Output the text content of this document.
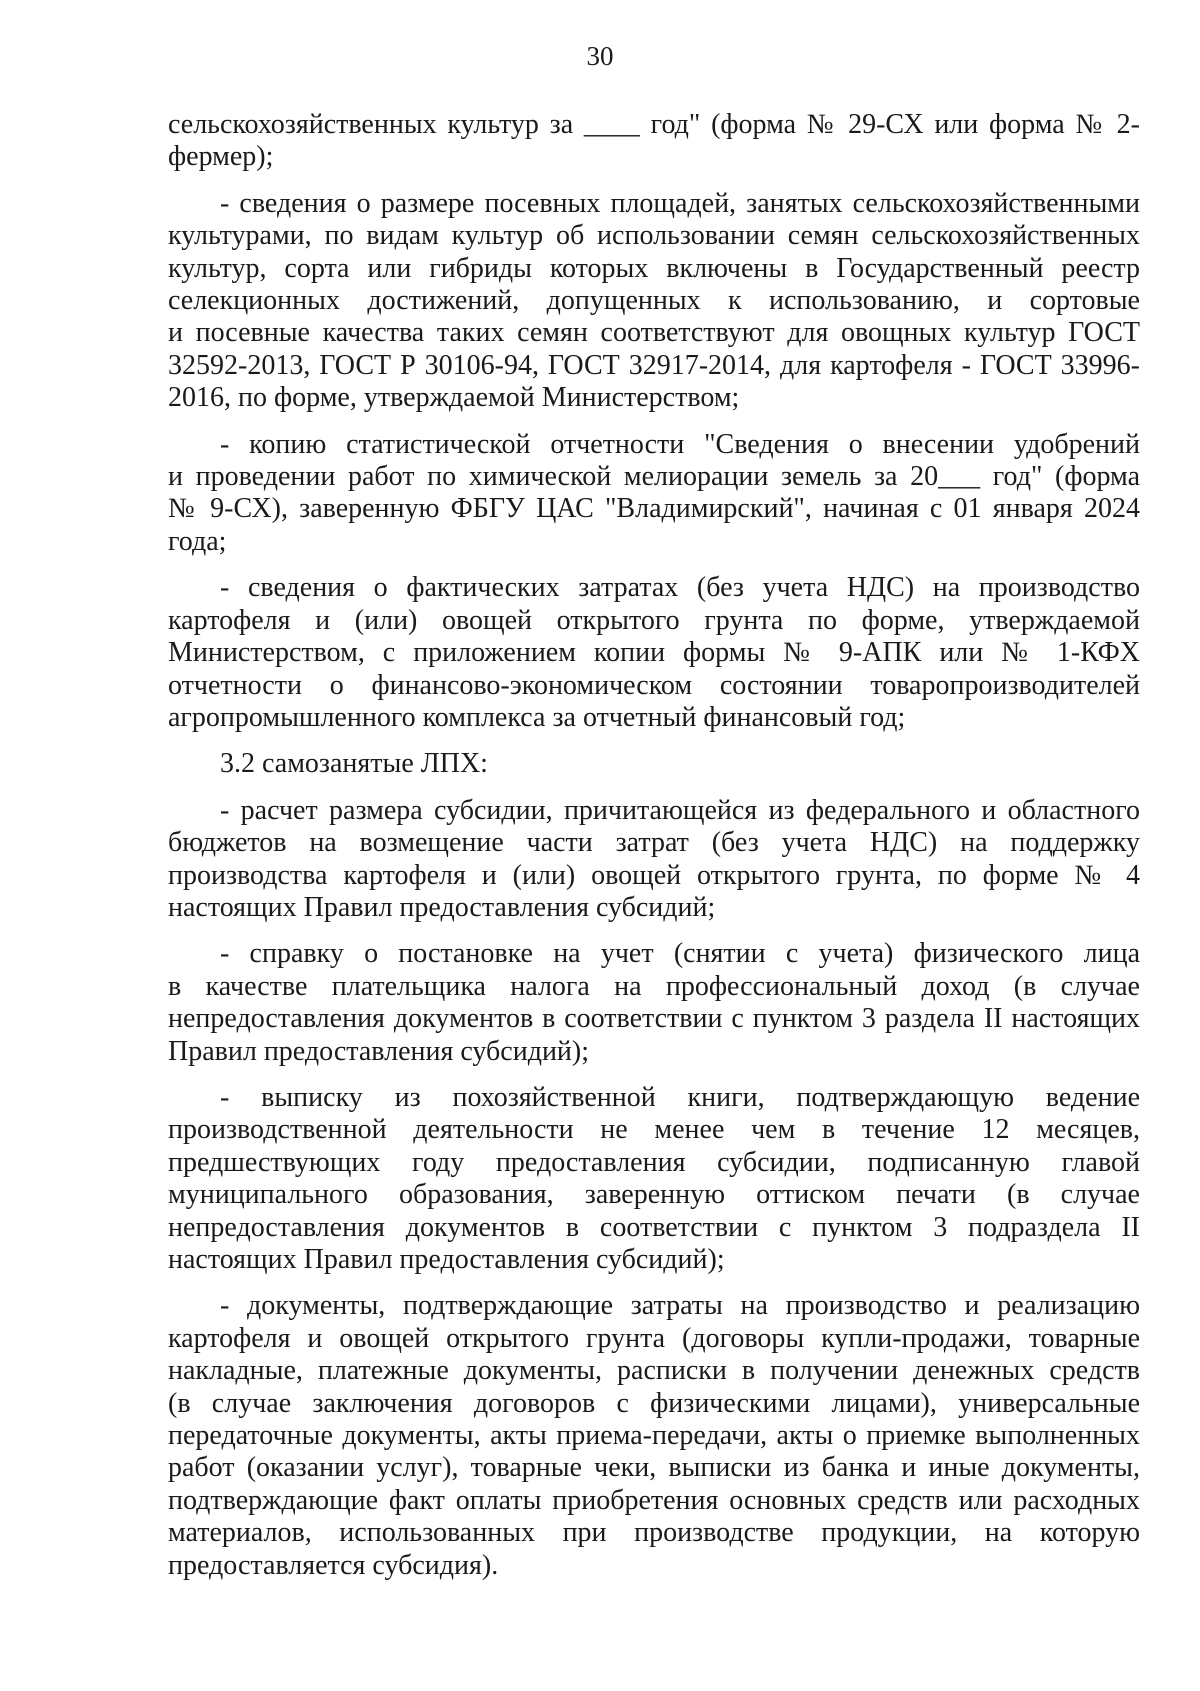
30
сельскохозяйственных культур за ____ год" (форма № 29-СХ или форма № 2-
фермер);
- сведения о размере посевных площадей, занятых сельскохозяйственными
культурами, по видам культур об использовании семян сельскохозяйственных
культур, сорта или гибриды которых включены в Государственный реестр
селекционных достижений, допущенных к использованию, и сортовые
и посевные качества таких семян соответствуют для овощных культур ГОСТ
32592-2013, ГОСТ Р 30106-94, ГОСТ 32917-2014, для картофеля - ГОСТ 33996-
2016, по форме, утверждаемой Министерством;
- копию статистической отчетности "Сведения о внесении удобрений
и проведении работ по химической мелиорации земель за 20___ год" (форма
№ 9-СХ), заверенную ФБГУ ЦАС "Владимирский", начиная с 01 января 2024
года;
- сведения о фактических затратах (без учета НДС) на производство
картофеля и (или) овощей открытого грунта по форме, утверждаемой
Министерством, с приложением копии формы № 9-АПК или № 1-КФХ
отчетности о финансово-экономическом состоянии товаропроизводителей
агропромышленного комплекса за отчетный финансовый год;
3.2 самозанятые ЛПХ:
- расчет размера субсидии, причитающейся из федерального и областного
бюджетов на возмещение части затрат (без учета НДС) на поддержку
производства картофеля и (или) овощей открытого грунта, по форме № 4
настоящих Правил предоставления субсидий;
- справку о постановке на учет (снятии с учета) физического лица
в качестве плательщика налога на профессиональный доход (в случае
непредоставления документов в соответствии с пунктом 3 раздела II настоящих
Правил предоставления субсидий);
- выписку из похозяйственной книги, подтверждающую ведение
производственной деятельности не менее чем в течение 12 месяцев,
предшествующих году предоставления субсидии, подписанную главой
муниципального образования, заверенную оттиском печати (в случае
непредоставления документов в соответствии с пунктом 3 подраздела II
настоящих Правил предоставления субсидий);
- документы, подтверждающие затраты на производство и реализацию
картофеля и овощей открытого грунта (договоры купли-продажи, товарные
накладные, платежные документы, расписки в получении денежных средств
(в случае заключения договоров с физическими лицами), универсальные
передаточные документы, акты приема-передачи, акты о приемке выполненных
работ (оказании услуг), товарные чеки, выписки из банка и иные документы,
подтверждающие факт оплаты приобретения основных средств или расходных
материалов, использованных при производстве продукции, на которую
предоставляется субсидия).
